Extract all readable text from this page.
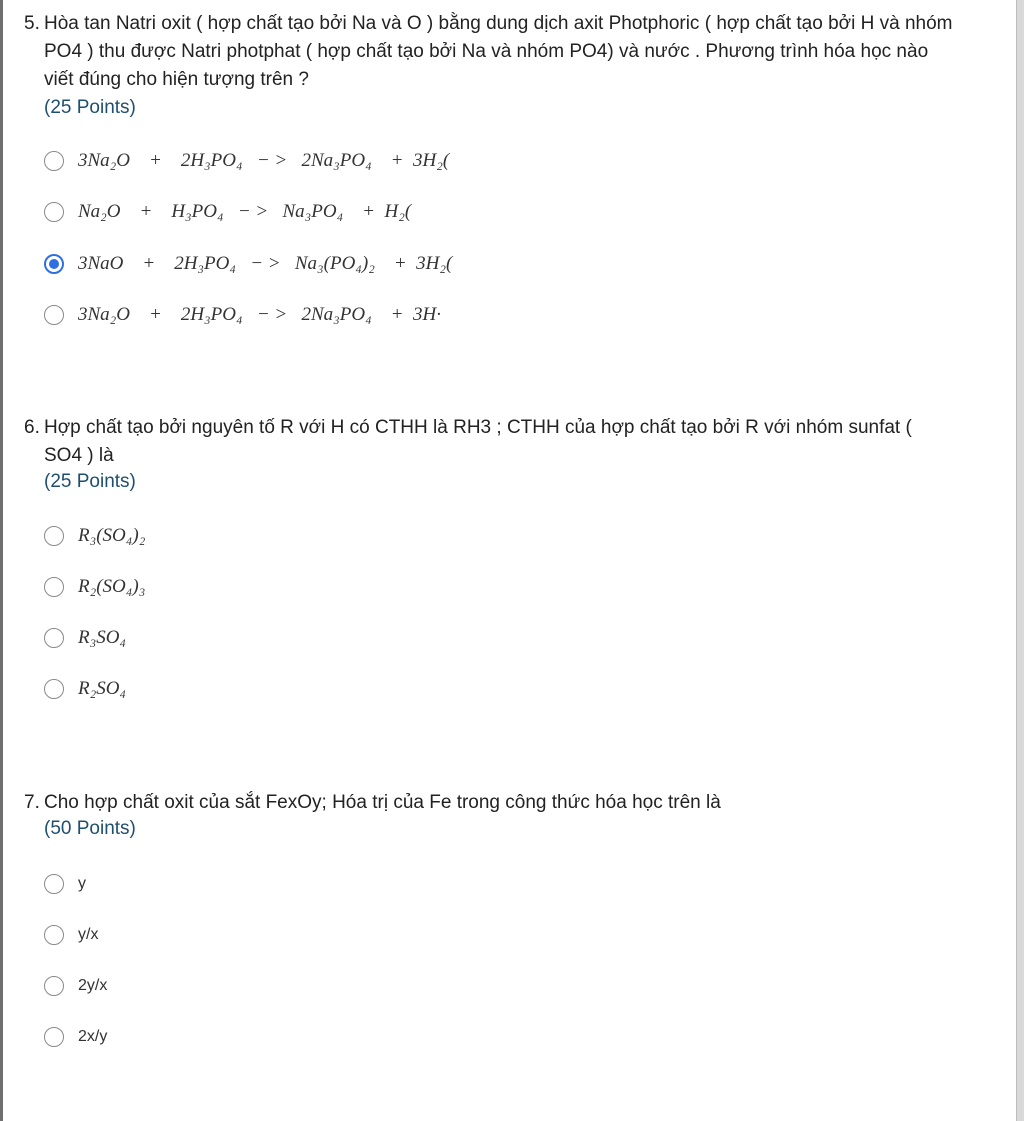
5. Hòa tan Natri oxit ( hợp chất tạo bởi Na và O ) bằng dung dịch axit Photphoric ( hợp chất tạo bởi H và nhóm PO4 ) thu được Natri photphat ( hợp chất tạo bởi Na và nhóm PO4) và nước . Phương trình hóa học nào viết đúng cho hiện tượng trên ?
(25 Points)
3Na₂O    +    2H₃PO₄   − >   2Na₃PO₄    +  3H₂(
Na₂O    +    H₃PO₄   − >   Na₃PO₄    +  H₂(
3NaO    +    2H₃PO₄   − >   Na₃(PO₄)₂    +  3H₂(
3Na₂O    +    2H₃PO₄   − >   2Na₃PO₄    +  3H·
6. Hợp chất tạo bởi nguyên tố R với H có CTHH là RH3 ; CTHH của hợp chất tạo bởi R với nhóm sunfat ( SO4 ) là
(25 Points)
R₃(SO₄)₂
R₂(SO₄)₃
R₃SO₄
R₂SO₄
7. Cho hợp chất oxit của sắt FexOy; Hóa trị của Fe trong công thức hóa học trên là
(50 Points)
y
y/x
2y/x
2x/y
